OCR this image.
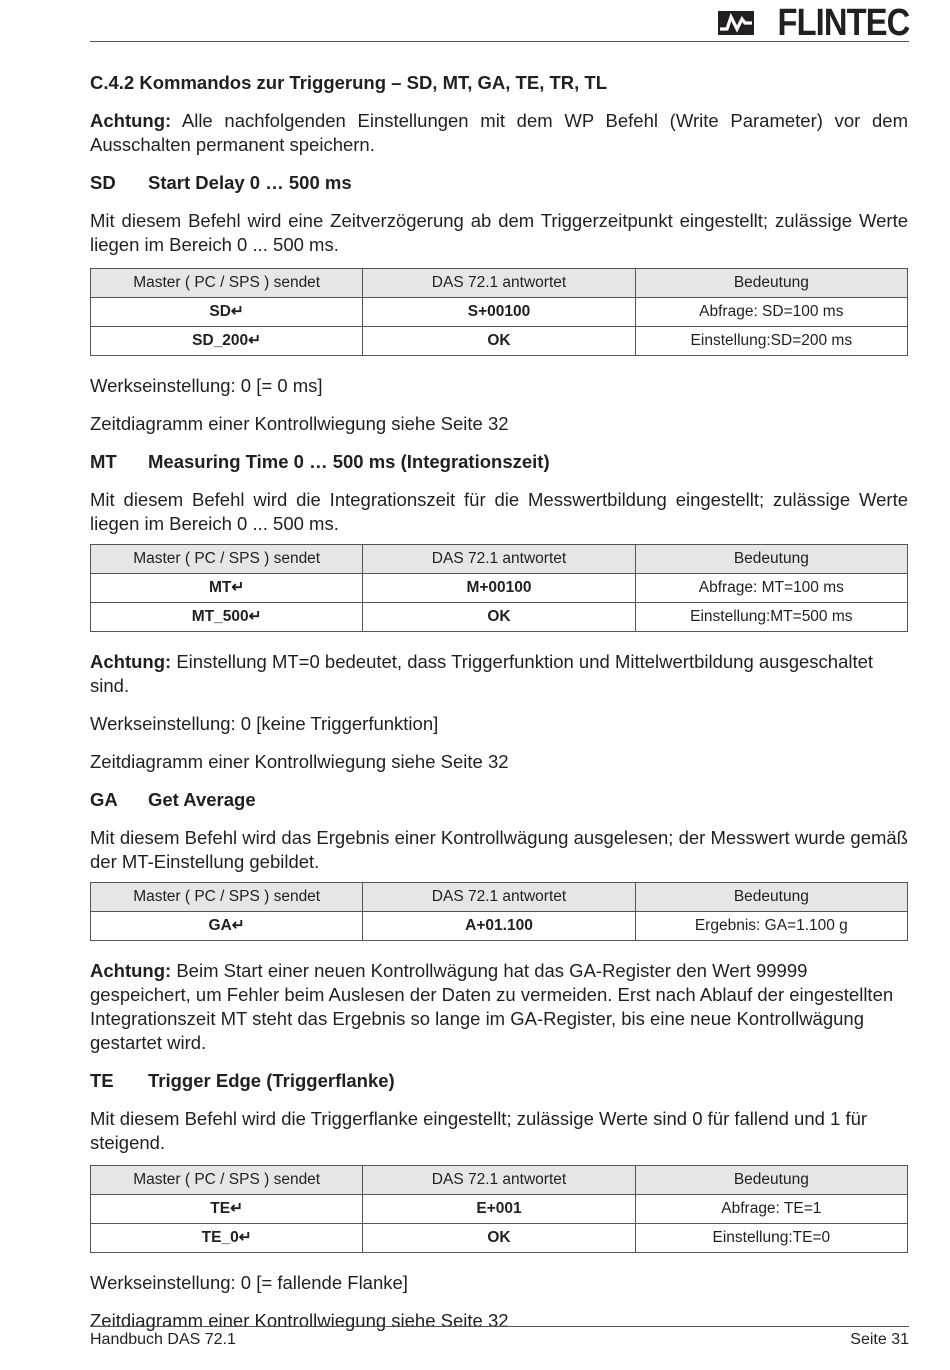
FLINTEC

C.4.2 Kommandos zur Triggerung – SD, MT, GA, TE, TR, TL

Achtung: Alle nachfolgenden Einstellungen mit dem WP Befehl (Write Parameter) vor dem Ausschalten permanent speichern.

SD	Start Delay 0 … 500 ms

Mit diesem Befehl wird eine Zeitverzögerung ab dem Triggerzeitpunkt eingestellt; zulässige Werte liegen im Bereich 0 ... 500 ms.

Master ( PC / SPS ) sendet	DAS 72.1 antwortet	Bedeutung
SD↵	S+00100	Abfrage: SD=100 ms
SD_200↵	OK	Einstellung:SD=200 ms

Werkseinstellung: 0 [= 0 ms]

Zeitdiagramm einer Kontrollwiegung siehe Seite 32

MT	Measuring Time 0 … 500 ms (Integrationszeit)

Mit diesem Befehl wird die Integrationszeit für die Messwertbildung eingestellt; zulässige Werte liegen im Bereich 0 ... 500 ms.

Master ( PC / SPS ) sendet	DAS 72.1 antwortet	Bedeutung
MT↵	M+00100	Abfrage: MT=100 ms
MT_500↵	OK	Einstellung:MT=500 ms

Achtung: Einstellung MT=0 bedeutet, dass Triggerfunktion und Mittelwertbildung ausgeschaltet sind.

Werkseinstellung: 0 [keine Triggerfunktion]

Zeitdiagramm einer Kontrollwiegung siehe Seite 32

GA	Get Average

Mit diesem Befehl wird das Ergebnis einer Kontrollwägung ausgelesen; der Messwert wurde gemäß der MT-Einstellung gebildet.

Master ( PC / SPS ) sendet	DAS 72.1 antwortet	Bedeutung
GA↵	A+01.100	Ergebnis: GA=1.100 g

Achtung: Beim Start einer neuen Kontrollwägung hat das GA-Register den Wert 99999 gespeichert, um Fehler beim Auslesen der Daten zu vermeiden. Erst nach Ablauf der eingestellten Integrationszeit MT steht das Ergebnis so lange im GA-Register, bis eine neue Kontrollwägung gestartet wird.

TE	Trigger Edge (Triggerflanke)

Mit diesem Befehl wird die Triggerflanke eingestellt; zulässige Werte sind 0 für fallend und 1 für steigend.

Master ( PC / SPS ) sendet	DAS 72.1 antwortet	Bedeutung
TE↵	E+001	Abfrage: TE=1
TE_0↵	OK	Einstellung:TE=0

Werkseinstellung: 0 [= fallende Flanke]

Zeitdiagramm einer Kontrollwiegung siehe Seite 32

Handbuch DAS 72.1	Seite 31
